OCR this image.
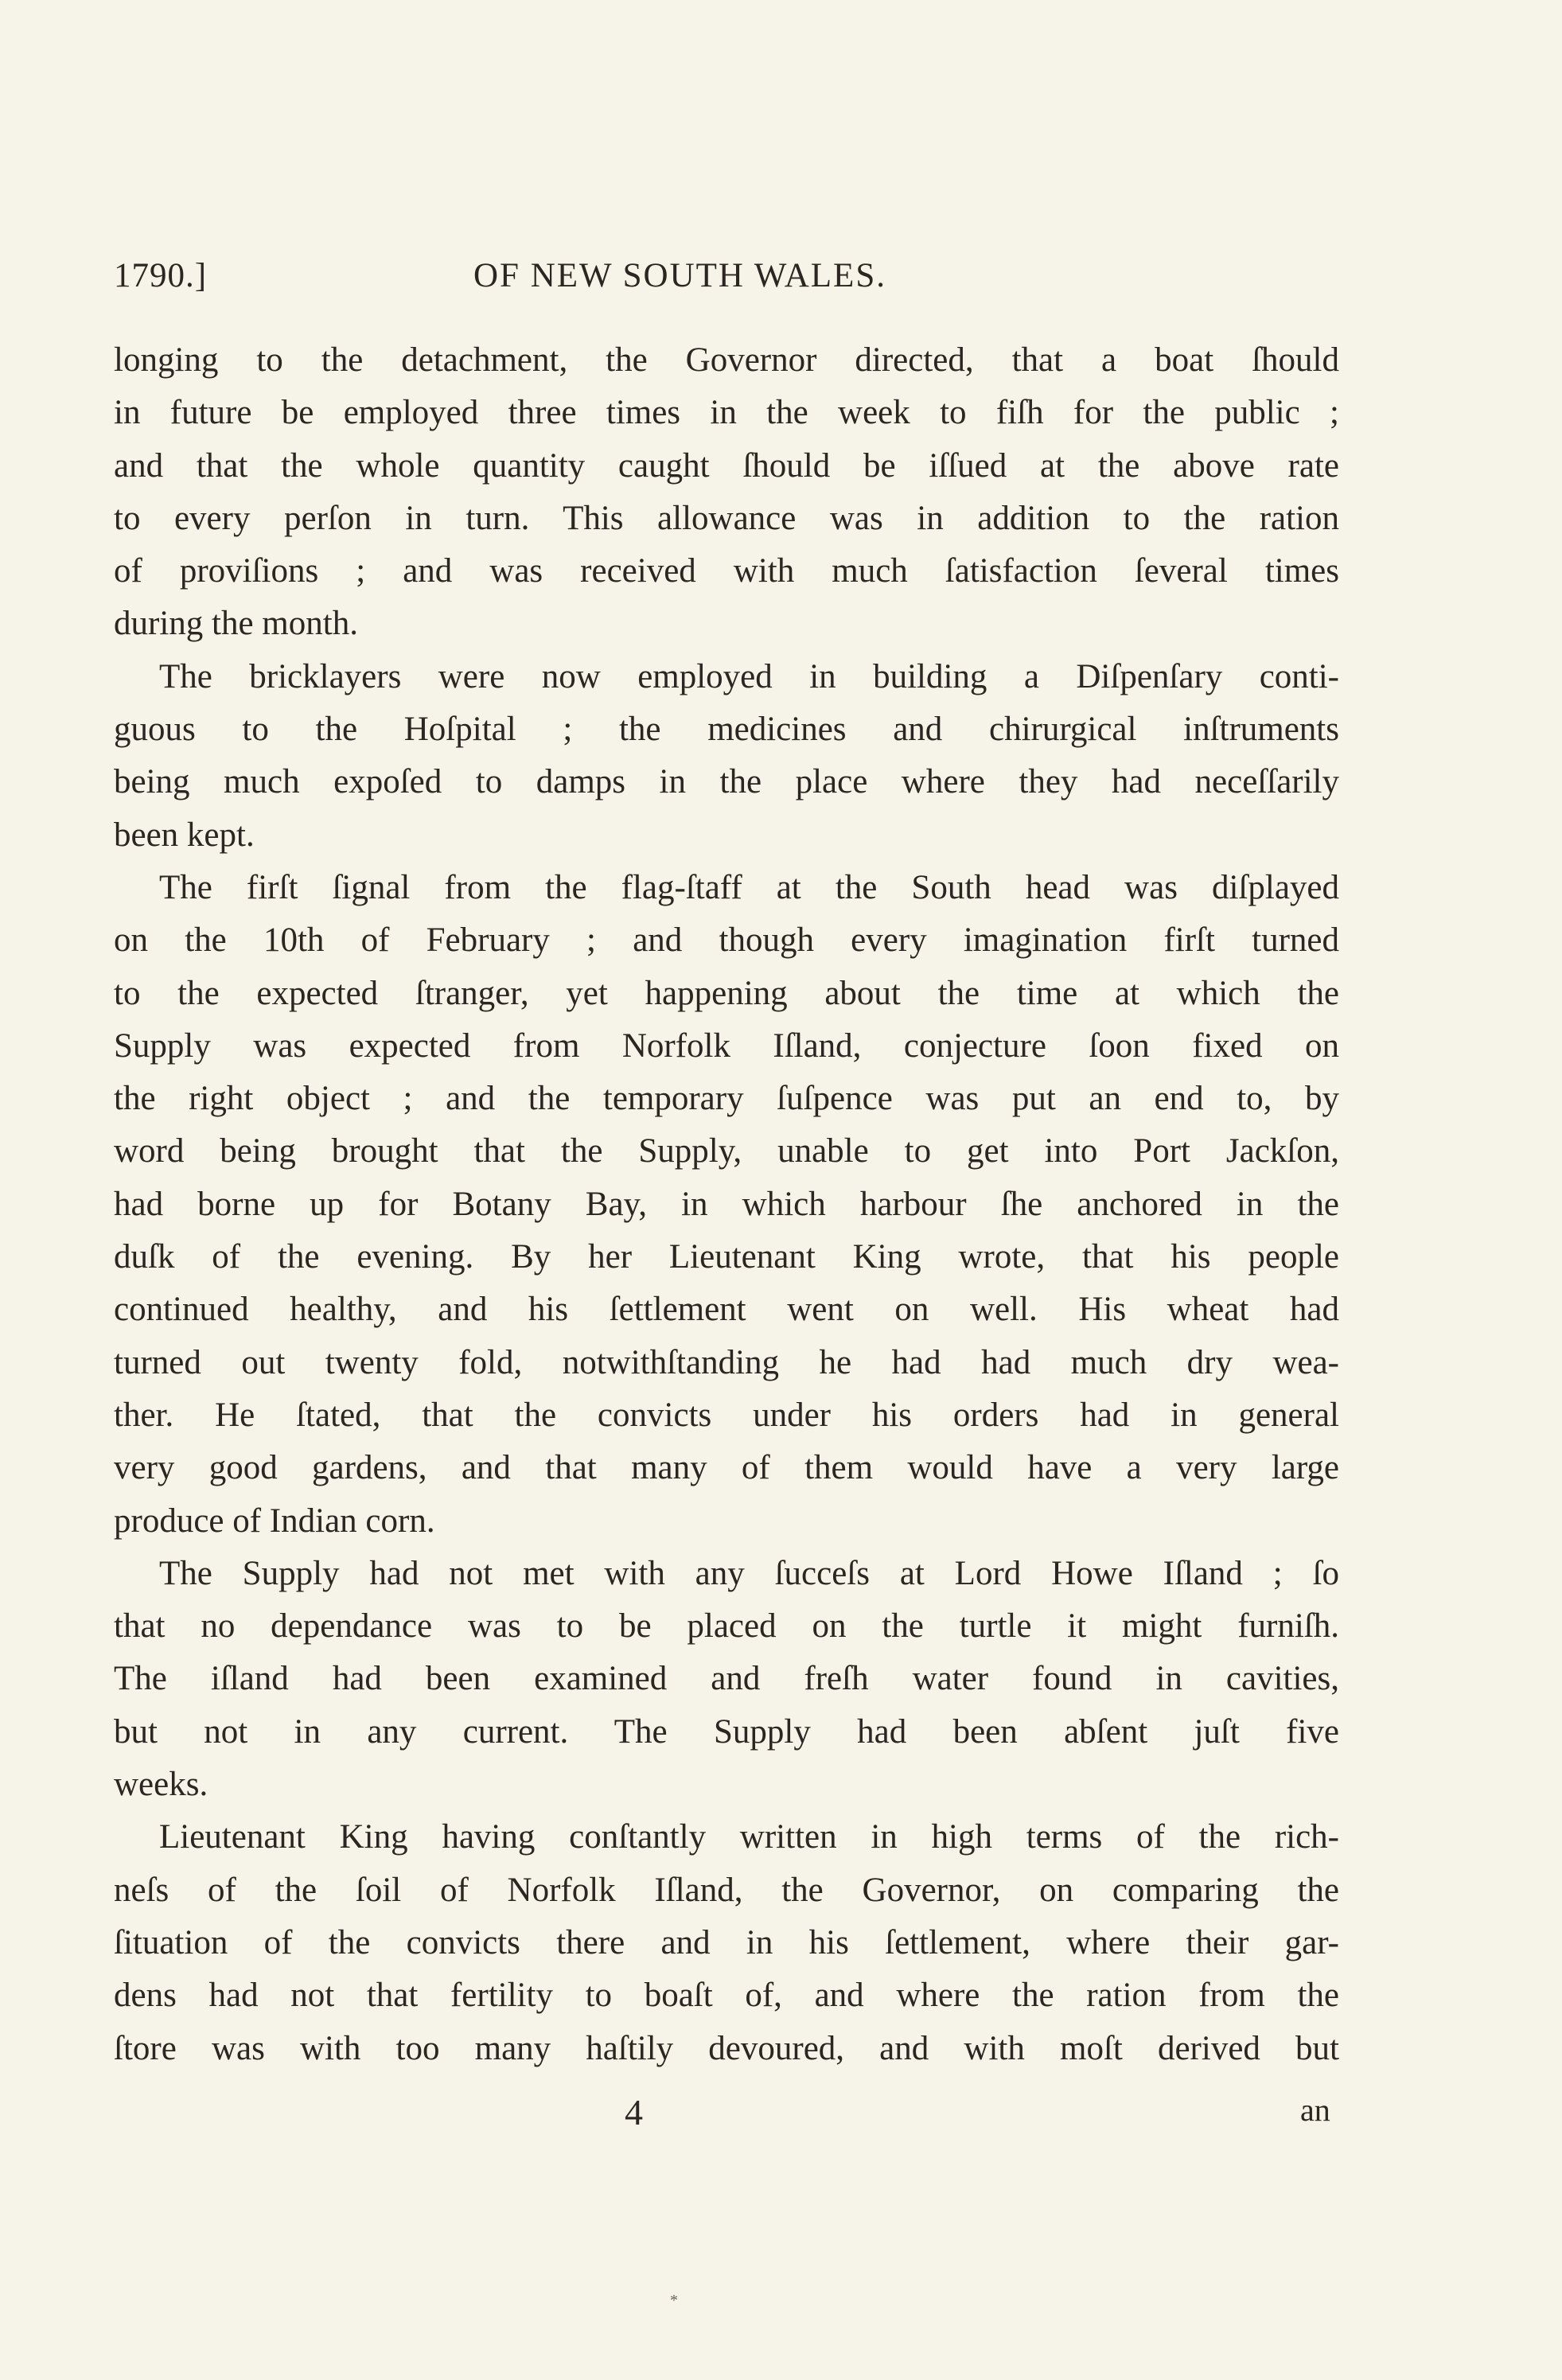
1790.]	OF NEW SOUTH WALES.
longing to the detachment, the Governor directed, that a boat ſhould
in future be employed three times in the week to fiſh for the public ;
and that the whole quantity caught ſhould be iſſued at the above rate
to every perſon in turn. This allowance was in addition to the ration
of proviſions ; and was received with much ſatisfaction ſeveral times
during the month.
The bricklayers were now employed in building a Diſpenſary conti-
guous to the Hoſpital ; the medicines and chirurgical inſtruments
being much expoſed to damps in the place where they had neceſſarily
been kept.
The firſt ſignal from the flag-ſtaff at the South head was diſplayed
on the 10th of February ; and though every imagination firſt turned
to the expected ſtranger, yet happening about the time at which the
Supply was expected from Norfolk Iſland, conjecture ſoon fixed on
the right object ; and the temporary ſuſpence was put an end to, by
word being brought that the Supply, unable to get into Port Jackſon,
had borne up for Botany Bay, in which harbour ſhe anchored in the
duſk of the evening. By her Lieutenant King wrote, that his people
continued healthy, and his ſettlement went on well. His wheat had
turned out twenty fold, notwithſtanding he had had much dry wea-
ther. He ſtated, that the convicts under his orders had in general
very good gardens, and that many of them would have a very large
produce of Indian corn.
The Supply had not met with any ſucceſs at Lord Howe Iſland ; ſo
that no dependance was to be placed on the turtle it might furniſh.
The iſland had been examined and freſh water found in cavities,
but not in any current. The Supply had been abſent juſt five
weeks.
Lieutenant King having conſtantly written in high terms of the rich-
neſs of the ſoil of Norfolk Iſland, the Governor, on comparing the
ſituation of the convicts there and in his ſettlement, where their gar-
dens had not that fertility to boaſt of, and where the ration from the
ſtore was with too many haſtily devoured, and with moſt derived but
4	an
*
